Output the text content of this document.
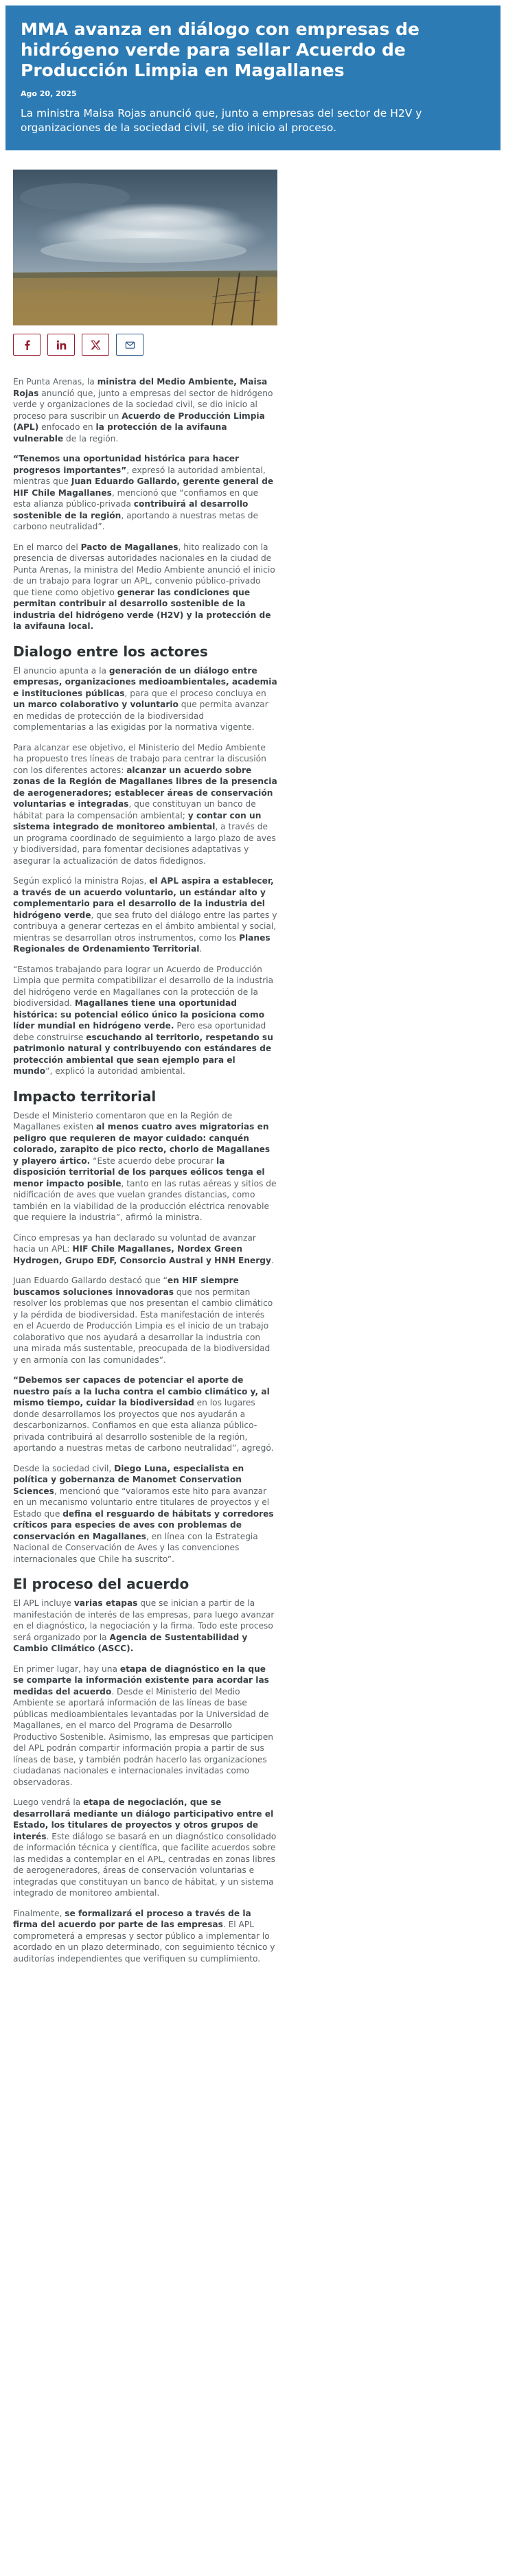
MMA avanza en diálogo con empresas de hidrógeno verde para sellar Acuerdo de Producción Limpia en Magallanes
Ago 20, 2025
La ministra Maisa Rojas anunció que, junto a empresas del sector de H2V y organizaciones de la sociedad civil, se dio inicio al proceso.

En Punta Arenas, la ministra del Medio Ambiente, Maisa Rojas anunció que, junto a empresas del sector de hidrógeno verde y organizaciones de la sociedad civil, se dio inicio al proceso para suscribir un Acuerdo de Producción Limpia (APL) enfocado en la protección de la avifauna vulnerable de la región.

“Tenemos una oportunidad histórica para hacer progresos importantes”, expresó la autoridad ambiental, mientras que Juan Eduardo Gallardo, gerente general de HIF Chile Magallanes, mencionó que “confiamos en que esta alianza público-privada contribuirá al desarrollo sostenible de la región, aportando a nuestras metas de carbono neutralidad”.

En el marco del Pacto de Magallanes, hito realizado con la presencia de diversas autoridades nacionales en la ciudad de Punta Arenas, la ministra del Medio Ambiente anunció el inicio de un trabajo para lograr un APL, convenio público-privado que tiene como objetivo generar las condiciones que permitan contribuir al desarrollo sostenible de la industria del hidrógeno verde (H2V) y la protección de la avifauna local.

Dialogo entre los actores

El anuncio apunta a la generación de un diálogo entre empresas, organizaciones medioambientales, academia e instituciones públicas, para que el proceso concluya en un marco colaborativo y voluntario que permita avanzar en medidas de protección de la biodiversidad complementarias a las exigidas por la normativa vigente.

Para alcanzar ese objetivo, el Ministerio del Medio Ambiente ha propuesto tres líneas de trabajo para centrar la discusión con los diferentes actores: alcanzar un acuerdo sobre zonas de la Región de Magallanes libres de la presencia de aerogeneradores; establecer áreas de conservación voluntarias e integradas, que constituyan un banco de hábitat para la compensación ambiental; y contar con un sistema integrado de monitoreo ambiental, a través de un programa coordinado de seguimiento a largo plazo de aves y biodiversidad, para fomentar decisiones adaptativas y asegurar la actualización de datos fidedignos.

Según explicó la ministra Rojas, el APL aspira a establecer, a través de un acuerdo voluntario, un estándar alto y complementario para el desarrollo de la industria del hidrógeno verde, que sea fruto del diálogo entre las partes y contribuya a generar certezas en el ámbito ambiental y social, mientras se desarrollan otros instrumentos, como los Planes Regionales de Ordenamiento Territorial.

“Estamos trabajando para lograr un Acuerdo de Producción Limpia que permita compatibilizar el desarrollo de la industria del hidrógeno verde en Magallanes con la protección de la biodiversidad. Magallanes tiene una oportunidad histórica: su potencial eólico único la posiciona como líder mundial en hidrógeno verde. Pero esa oportunidad debe construirse escuchando al territorio, respetando su patrimonio natural y contribuyendo con estándares de protección ambiental que sean ejemplo para el mundo”, explicó la autoridad ambiental.

Impacto territorial

Desde el Ministerio comentaron que en la Región de Magallanes existen al menos cuatro aves migratorias en peligro que requieren de mayor cuidado: canquén colorado, zarapito de pico recto, chorlo de Magallanes y playero ártico. “Este acuerdo debe procurar la disposición territorial de los parques eólicos tenga el menor impacto posible, tanto en las rutas aéreas y sitios de nidificación de aves que vuelan grandes distancias, como también en la viabilidad de la producción eléctrica renovable que requiere la industria”, afirmó la ministra.

Cinco empresas ya han declarado su voluntad de avanzar hacia un APL: HIF Chile Magallanes, Nordex Green Hydrogen, Grupo EDF, Consorcio Austral y HNH Energy.

Juan Eduardo Gallardo destacó que “en HIF siempre buscamos soluciones innovadoras que nos permitan resolver los problemas que nos presentan el cambio climático y la pérdida de biodiversidad. Esta manifestación de interés en el Acuerdo de Producción Limpia es el inicio de un trabajo colaborativo que nos ayudará a desarrollar la industria con una mirada más sustentable, preocupada de la biodiversidad y en armonía con las comunidades”.

“Debemos ser capaces de potenciar el aporte de nuestro país a la lucha contra el cambio climático y, al mismo tiempo, cuidar la biodiversidad en los lugares donde desarrollamos los proyectos que nos ayudarán a descarbonizarnos. Confiamos en que esta alianza público-privada contribuirá al desarrollo sostenible de la región, aportando a nuestras metas de carbono neutralidad”, agregó.

Desde la sociedad civil, Diego Luna, especialista en política y gobernanza de Manomet Conservation Sciences, mencionó que “valoramos este hito para avanzar en un mecanismo voluntario entre titulares de proyectos y el Estado que defina el resguardo de hábitats y corredores críticos para especies de aves con problemas de conservación en Magallanes, en línea con la Estrategia Nacional de Conservación de Aves y las convenciones internacionales que Chile ha suscrito”.

El proceso del acuerdo

El APL incluye varias etapas que se inician a partir de la manifestación de interés de las empresas, para luego avanzar en el diagnóstico, la negociación y la firma. Todo este proceso será organizado por la Agencia de Sustentabilidad y Cambio Climático (ASCC).

En primer lugar, hay una etapa de diagnóstico en la que se comparte la información existente para acordar las medidas del acuerdo. Desde el Ministerio del Medio Ambiente se aportará información de las líneas de base públicas medioambientales levantadas por la Universidad de Magallanes, en el marco del Programa de Desarrollo Productivo Sostenible. Asimismo, las empresas que participen del APL podrán compartir información propia a partir de sus líneas de base, y también podrán hacerlo las organizaciones ciudadanas nacionales e internacionales invitadas como observadoras.

Luego vendrá la etapa de negociación, que se desarrollará mediante un diálogo participativo entre el Estado, los titulares de proyectos y otros grupos de interés. Este diálogo se basará en un diagnóstico consolidado de información técnica y científica, que facilite acuerdos sobre las medidas a contemplar en el APL, centradas en zonas libres de aerogeneradores, áreas de conservación voluntarias e integradas que constituyan un banco de hábitat, y un sistema integrado de monitoreo ambiental.

Finalmente, se formalizará el proceso a través de la firma del acuerdo por parte de las empresas. El APL comprometerá a empresas y sector público a implementar lo acordado en un plazo determinado, con seguimiento técnico y auditorías independientes que verifiquen su cumplimiento.
